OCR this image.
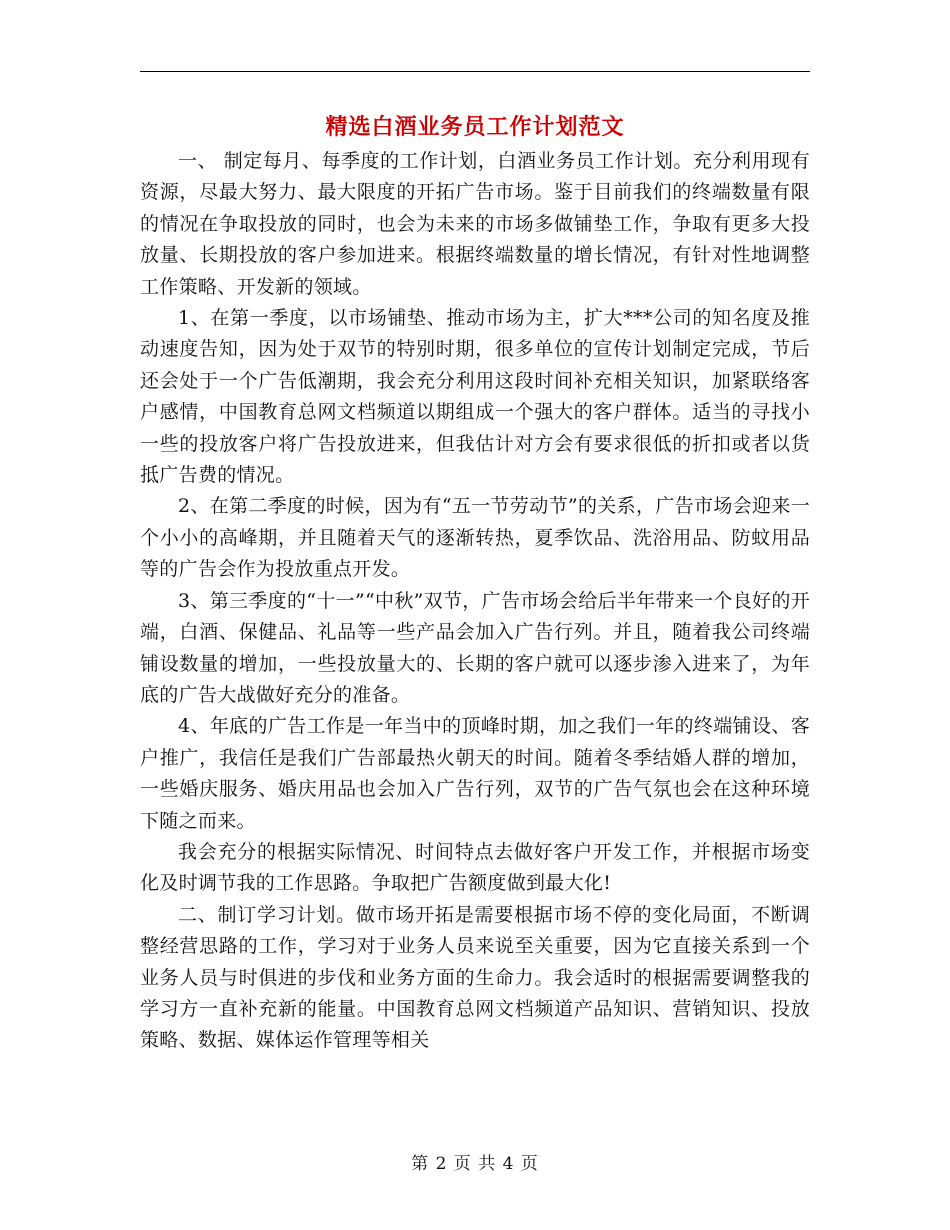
精选白酒业务员工作计划范文

一、 制定每月、每季度的工作计划，白酒业务员工作计划。充分利用现有资源，尽最大努力、最大限度的开拓广告市场。鉴于目前我们的终端数量有限的情况在争取投放的同时，也会为未来的市场多做铺垫工作，争取有更多大投放量、长期投放的客户参加进来。根据终端数量的增长情况，有针对性地调整工作策略、开发新的领域。

1、在第一季度，以市场铺垫、推动市场为主，扩大***公司的知名度及推动速度告知，因为处于双节的特别时期，很多单位的宣传计划制定完成，节后还会处于一个广告低潮期，我会充分利用这段时间补充相关知识，加紧联络客户感情，中国教育总网文档频道以期组成一个强大的客户群体。适当的寻找小一些的投放客户将广告投放进来，但我估计对方会有要求很低的折扣或者以货抵广告费的情况。

2、在第二季度的时候，因为有“五一节劳动节”的关系，广告市场会迎来一个小小的高峰期，并且随着天气的逐渐转热，夏季饮品、洗浴用品、防蚊用品等的广告会作为投放重点开发。

3、第三季度的“十一”“中秋”双节，广告市场会给后半年带来一个良好的开端，白酒、保健品、礼品等一些产品会加入广告行列。并且，随着我公司终端铺设数量的增加，一些投放量大的、长期的客户就可以逐步渗入进来了，为年底的广告大战做好充分的准备。

4、年底的广告工作是一年当中的顶峰时期，加之我们一年的终端铺设、客户推广，我信任是我们广告部最热火朝天的时间。随着冬季结婚人群的增加，一些婚庆服务、婚庆用品也会加入广告行列，双节的广告气氛也会在这种环境下随之而来。

我会充分的根据实际情况、时间特点去做好客户开发工作，并根据市场变化及时调节我的工作思路。争取把广告额度做到最大化!

二、制订学习计划。做市场开拓是需要根据市场不停的变化局面，不断调整经营思路的工作，学习对于业务人员来说至关重要，因为它直接关系到一个业务人员与时俱进的步伐和业务方面的生命力。我会适时的根据需要调整我的学习方一直补充新的能量。中国教育总网文档频道产品知识、营销知识、投放策略、数据、媒体运作管理等相关

第 2 页 共 4 页
